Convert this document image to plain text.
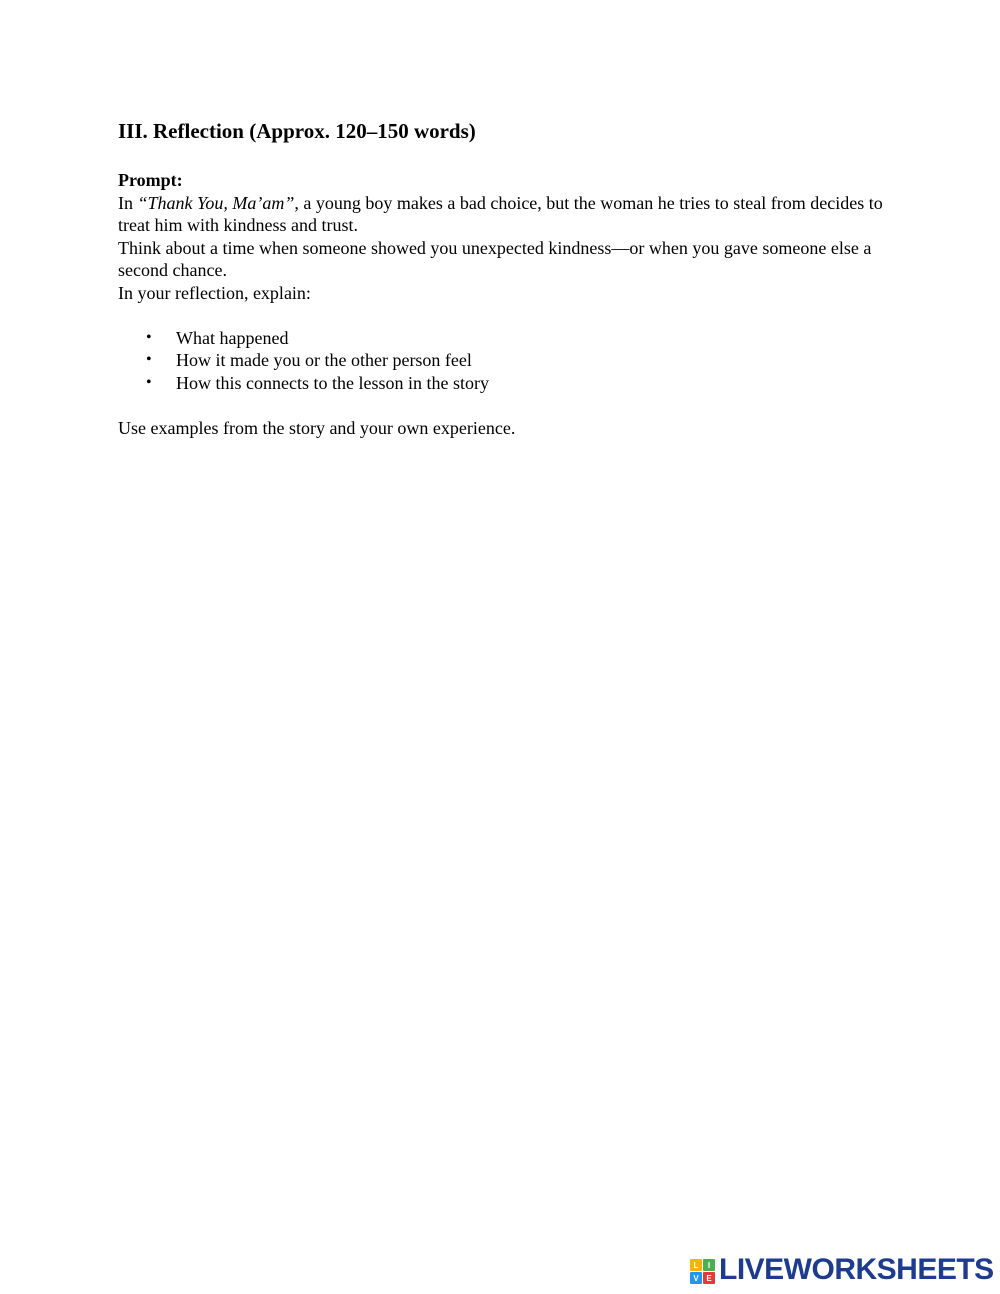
III. Reflection (Approx. 120–150 words)
Prompt:

In “Thank You, Ma’am”, a young boy makes a bad choice, but the woman he tries to steal from decides to treat him with kindness and trust.

Think about a time when someone showed you unexpected kindness—or when you gave someone else a second chance.

In your reflection, explain:

• What happened
• How it made you or the other person feel
• How this connects to the lesson in the story

Use examples from the story and your own experience.

L	I
V E LIVEWORKSHEETS
